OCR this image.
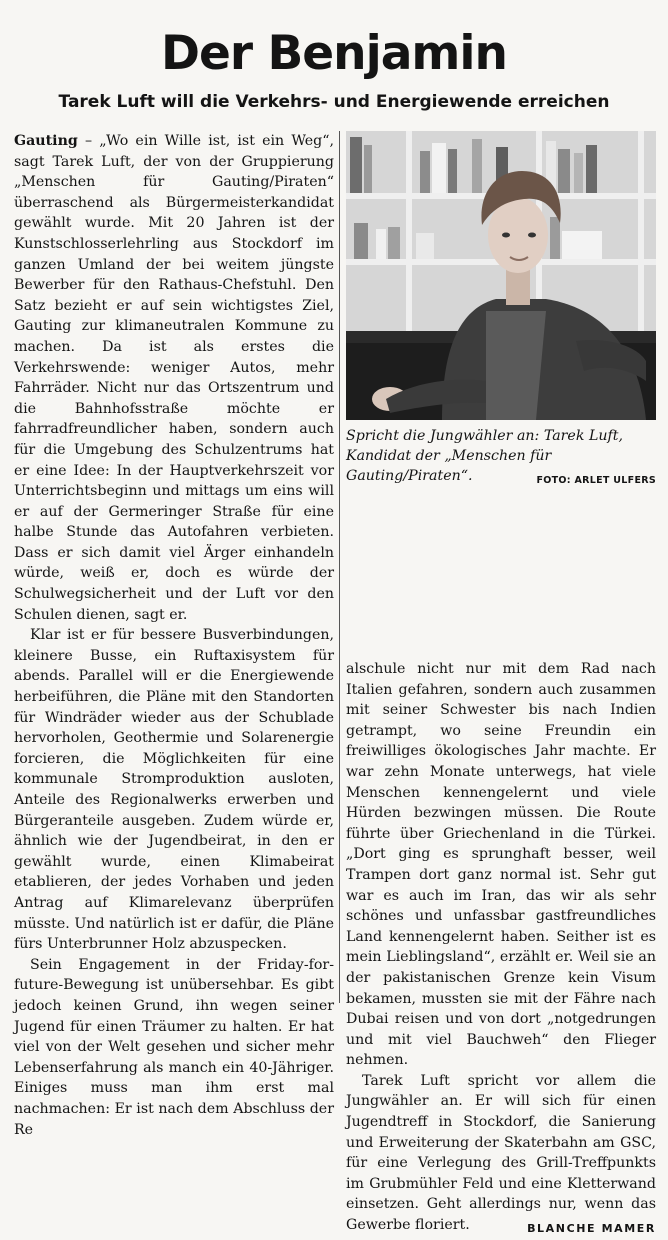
Der Benjamin
Tarek Luft will die Verkehrs- und Energiewende erreichen

Gauting – „Wo ein Wille ist, ist ein Weg“, sagt Tarek Luft, der von der Gruppierung „Menschen für Gauting/Piraten“ überraschend als Bürgermeisterkandidat gewählt wurde. Mit 20 Jahren ist der Kunstschlosserlehrling aus Stockdorf im ganzen Umland der bei weitem jüngste Bewerber für den Rathaus-Chefstuhl. Den Satz bezieht er auf sein wichtigstes Ziel, Gauting zur klimaneutralen Kommune zu machen. Da ist als erstes die Verkehrswende: weniger Autos, mehr Fahrräder. Nicht nur das Ortszentrum und die Bahnhofsstraße möchte er fahrradfreundlicher haben, sondern auch für die Umgebung des Schulzentrums hat er eine Idee: In der Hauptverkehrszeit vor Unterrichtsbeginn und mittags um eins will er auf der Germeringer Straße für eine halbe Stunde das Autofahren verbieten. Dass er sich damit viel Ärger einhandeln würde, weiß er, doch es würde der Schulwegsicherheit und der Luft vor den Schulen dienen, sagt er.

Klar ist er für bessere Busverbindungen, kleinere Busse, ein Ruftaxisystem für abends. Parallel will er die Energiewende herbeiführen, die Pläne mit den Standorten für Windräder wieder aus der Schublade hervorholen, Geothermie und Solarenergie forcieren, die Möglichkeiten für eine kommunale Stromproduktion ausloten, Anteile des Regionalwerks erwerben und Bürgeranteile ausgeben. Zudem würde er, ähnlich wie der Jugendbeirat, in den er gewählt wurde, einen Klimabeirat etablieren, der jedes Vorhaben und jeden Antrag auf Klimarelevanz überprüfen müsste. Und natürlich ist er dafür, die Pläne fürs Unterbrunner Holz abzuspecken.

Sein Engagement in der Friday-for-future-Bewegung ist unübersehbar. Es gibt jedoch keinen Grund, ihn wegen seiner Jugend für einen Träumer zu halten. Er hat viel von der Welt gesehen und sicher mehr Lebenserfahrung als manch ein 40-Jähriger. Einiges muss man ihm erst mal nachmachen: Er ist nach dem Abschluss der Re

Spricht die Jungwähler an: Tarek Luft, Kandidat der „Menschen für Gauting/Piraten“.	FOTO: ARLET ULFERS

alschule nicht nur mit dem Rad nach Italien gefahren, sondern auch zusammen mit seiner Schwester bis nach Indien getrampt, wo seine Freundin ein freiwilliges ökologisches Jahr machte. Er war zehn Monate unterwegs, hat viele Menschen kennengelernt und viele Hürden bezwingen müssen. Die Route führte über Griechenland in die Türkei. „Dort ging es sprunghaft besser, weil Trampen dort ganz normal ist. Sehr gut war es auch im Iran, das wir als sehr schönes und unfassbar gastfreundliches Land kennengelernt haben. Seither ist es mein Lieblingsland“, erzählt er. Weil sie an der pakistanischen Grenze kein Visum bekamen, mussten sie mit der Fähre nach Dubai reisen und von dort „notgedrungen und mit viel Bauchweh“ den Flieger nehmen.

Tarek Luft spricht vor allem die Jungwähler an. Er will sich für einen Jugendtreff in Stockdorf, die Sanierung und Erweiterung der Skaterbahn am GSC, für eine Verlegung des Grill-Treffpunkts im Grubmühler Feld und eine Kletterwand einsetzen. Geht allerdings nur, wenn das Gewerbe floriert.	BLANCHE MAMER
